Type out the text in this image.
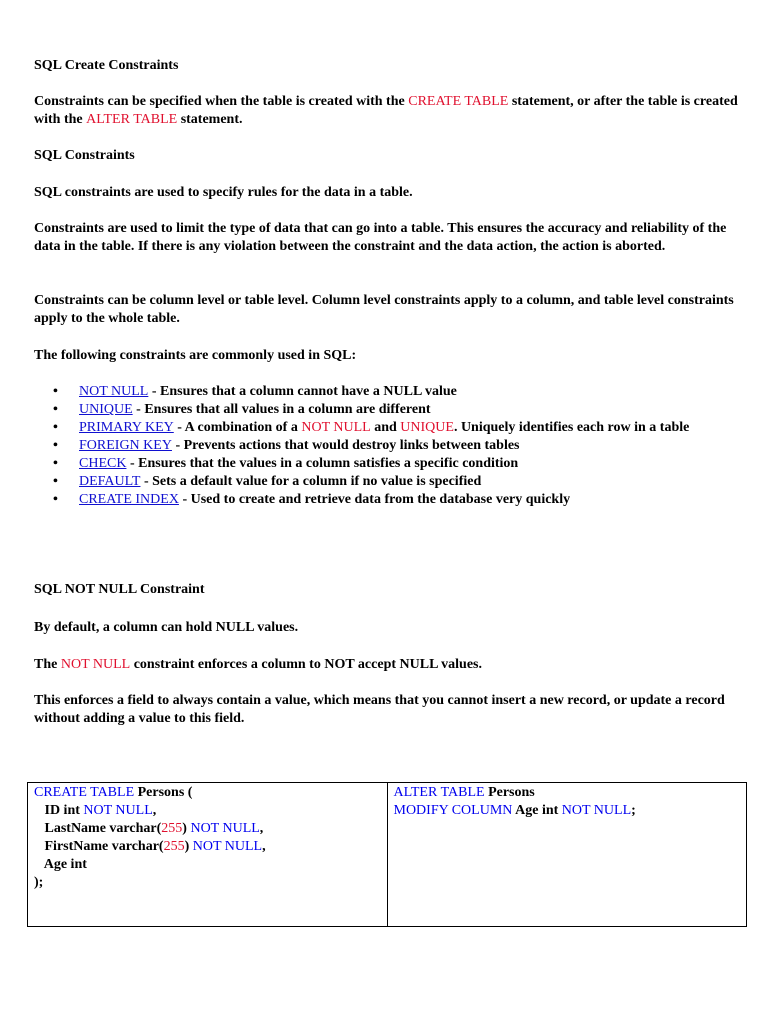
SQL Create Constraints

Constraints can be specified when the table is created with the CREATE TABLE statement, or after the table is created with the ALTER TABLE statement.

SQL Constraints

SQL constraints are used to specify rules for the data in a table.

Constraints are used to limit the type of data that can go into a table. This ensures the accuracy and reliability of the data in the table. If there is any violation between the constraint and the data action, the action is aborted.

Constraints can be column level or table level. Column level constraints apply to a column, and table level constraints apply to the whole table.

The following constraints are commonly used in SQL:

• NOT NULL - Ensures that a column cannot have a NULL value
• UNIQUE - Ensures that all values in a column are different
• PRIMARY KEY - A combination of a NOT NULL and UNIQUE. Uniquely identifies each row in a table
• FOREIGN KEY - Prevents actions that would destroy links between tables
• CHECK - Ensures that the values in a column satisfies a specific condition
• DEFAULT - Sets a default value for a column if no value is specified
• CREATE INDEX - Used to create and retrieve data from the database very quickly

SQL NOT NULL Constraint

By default, a column can hold NULL values.

The NOT NULL constraint enforces a column to NOT accept NULL values.

This enforces a field to always contain a value, which means that you cannot insert a new record, or update a record without adding a value to this field.

CREATE TABLE Persons (
ID int NOT NULL,
LastName varchar(255) NOT NULL,
FirstName varchar(255) NOT NULL,
Age int
);

ALTER TABLE Persons
MODIFY COLUMN Age int NOT NULL;
